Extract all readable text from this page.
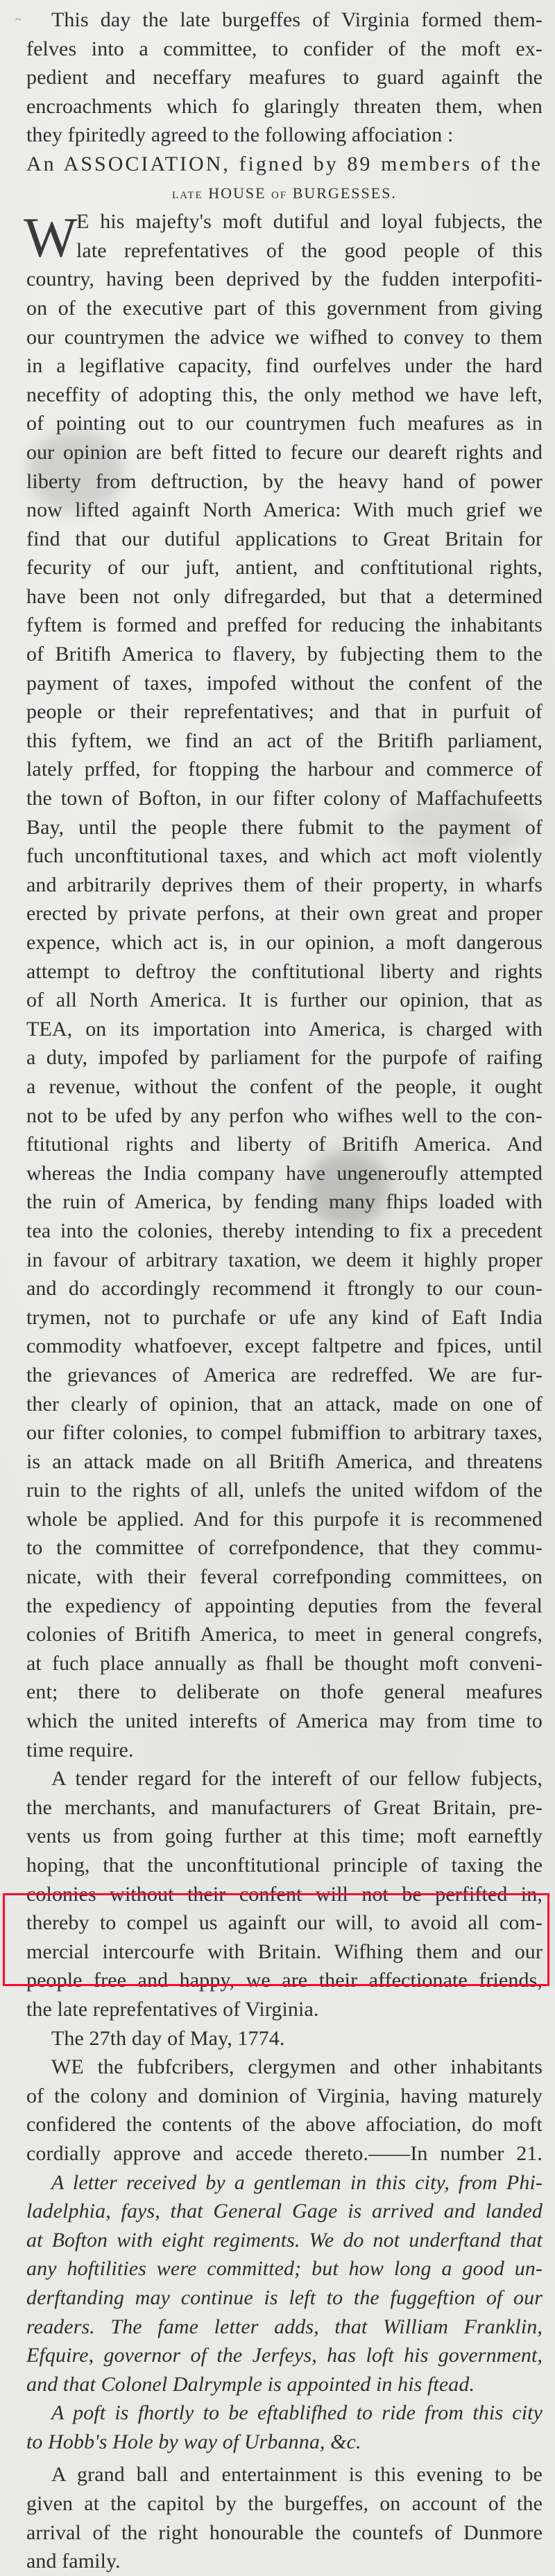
~	This day the late burgeffes of Virginia formed them-
felves into a committee, to confider of the moft ex-
pedient and neceffary meafures to guard againft the
encroachments which fo glaringly threaten them, when
they fpiritedly agreed to the following affociation :
An ASSOCIATION, figned by 89 members of the
late HOUSE of BURGESSES.
W
E his majefty's moft dutiful and loyal fubjects, the
late reprefentatives of the good people of this
country, having been deprived by the fudden interpofiti-
on of the executive part of this government from giving
our countrymen the advice we wifhed to convey to them
in a legiflative capacity, find ourfelves under the hard
neceffity of adopting this, the only method we have left,
of pointing out to our countrymen fuch meafures as in
our opinion are beft fitted to fecure our deareft rights and
liberty from deftruction, by the heavy hand of power
now lifted againft North America: With much grief we
find that our dutiful applications to Great Britain for
fecurity of our juft, antient, and conftitutional rights,
have been not only difregarded, but that a determined
fyftem is formed and preffed for reducing the inhabitants
of Britifh America to flavery, by fubjecting them to the
payment of taxes, impofed without the confent of the
people or their reprefentatives; and that in purfuit of
this fyftem, we find an act of the Britifh parliament,
lately prffed, for ftopping the harbour and commerce of
the town of Bofton, in our fifter colony of Maffachufeetts
Bay, until the people there fubmit to the payment of
fuch unconftitutional taxes, and which act moft violently
and arbitrarily deprives them of their property, in wharfs
erected by private perfons, at their own great and proper
expence, which act is, in our opinion, a moft dangerous
attempt to deftroy the conftitutional liberty and rights
of all North America. It is further our opinion, that as
TEA, on its importation into America, is charged with
a duty, impofed by parliament for the purpofe of raifing
a revenue, without the confent of the people, it ought
not to be ufed by any perfon who wifhes well to the con-
ftitutional rights and liberty of Britifh America. And
whereas the India company have ungeneroufly attempted
the ruin of America, by fending many fhips loaded with
tea into the colonies, thereby intending to fix a precedent
in favour of arbitrary taxation, we deem it highly proper
and do accordingly recommend it ftrongly to our coun-
trymen, not to purchafe or ufe any kind of Eaft India
commodity whatfoever, except faltpetre and fpices, until
the grievances of America are redreffed. We are fur-
ther clearly of opinion, that an attack, made on one of
our fifter colonies, to compel fubmiffion to arbitrary taxes,
is an attack made on all Britifh America, and threatens
ruin to the rights of all, unlefs the united wifdom of the
whole be applied. And for this purpofe it is recommened
to the committee of correfpondence, that they commu-
nicate, with their feveral correfponding committees, on
the expediency of appointing deputies from the feveral
colonies of Britifh America, to meet in general congrefs,
at fuch place annually as fhall be thought moft conveni-
ent; there to deliberate on thofe general meafures
which the united interefts of America may from time to
time require.
A tender regard for the intereft of our fellow fubjects,
the merchants, and manufacturers of Great Britain, pre-
vents us from going further at this time; moft earneftly
hoping, that the unconftitutional principle of taxing the
colonies without their confent will not be perfifted in,
thereby to compel us againft our will, to avoid all com-
mercial intercourfe with Britain. Wifhing them and our
people free and happy, we are their affectionate friends,
the late reprefentatives of Virginia.
The 27th day of May, 1774.
WE the fubfcribers, clergymen and other inhabitants
of the colony and dominion of Virginia, having maturely
confidered the contents of the above affociation, do moft
cordially approve and accede thereto.——In number 21.
A letter received by a gentleman in this city, from Phi-
ladelphia, fays, that General Gage is arrived and landed
at Bofton with eight regiments. We do not underftand that
any hoftilities were committed; but how long a good un-
derftanding may continue is left to the fuggeftion of our
readers. The fame letter adds, that William Franklin,
Efquire, governor of the Jerfeys, has loft his government,
and that Colonel Dalrymple is appointed in his ftead.
A poft is fhortly to be eftablifhed to ride from this city
to Hobb's Hole by way of Urbanna, &c.
A grand ball and entertainment is this evening to be
given at the capitol by the burgeffes, on account of the
arrival of the right honourable the countefs of Dunmore
and family.
